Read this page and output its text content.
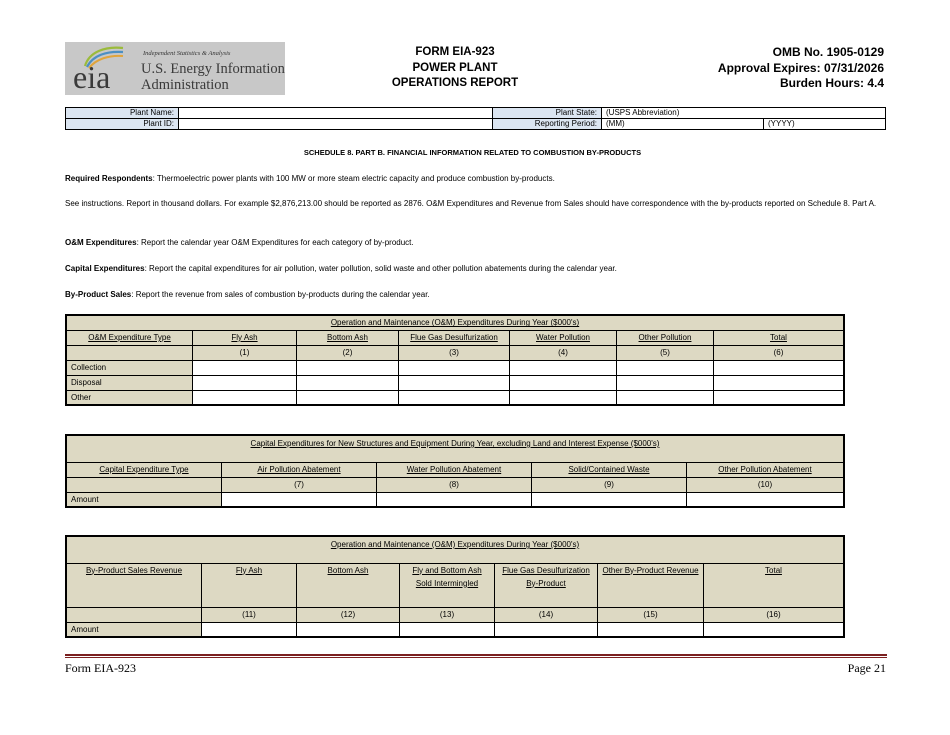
eia
Independent Statistics & Analysis
U.S. Energy Information
Administration
FORM EIA-923
POWER PLANT
OPERATIONS REPORT
OMB No. 1905-0129
Approval Expires: 07/31/2026
Burden Hours: 4.4
Plant Name:		Plant State:	(USPS Abbreviation)	
Plant ID:		Reporting Period:	(MM)	(YYYY)
SCHEDULE 8. PART B. FINANCIAL INFORMATION RELATED TO COMBUSTION BY-PRODUCTS
Required Respondents: Thermoelectric power plants with 100 MW or more steam electric capacity and produce combustion by-products.
See instructions. Report in thousand dollars. For example $2,876,213.00 should be reported as 2876. O&M Expenditures and Revenue from Sales should have correspondence with the by-products reported on Schedule 8. Part A.
O&M Expenditures: Report the calendar year O&M Expenditures for each category of by-product.
Capital Expenditures: Report the capital expenditures for air pollution, water pollution, solid waste and other pollution abatements during the calendar year.
By-Product Sales: Report the revenue from sales of combustion by-products during the calendar year.
Operation and Maintenance (O&M) Expenditures During Year ($000's)						
O&M Expenditure Type	Fly Ash	Bottom Ash	Flue Gas Desulfurization	Water Pollution	Other Pollution	Total
	(1)	(2)	(3)	(4)	(5)	(6)
Collection						
Disposal						
Other						
Capital Expenditures for New Structures and Equipment During Year, excluding Land and Interest Expense ($000's)				
Capital Expenditure Type	Air Pollution Abatement	Water Pollution Abatement	Solid/Contained Waste	Other Pollution Abatement
	(7)	(8)	(9)	(10)
Amount				
Operation and Maintenance (O&M) Expenditures During Year ($000's)						
By-Product Sales Revenue	Fly Ash	Bottom Ash	Fly and Bottom Ash Sold Intermingled	Flue Gas Desulfurization By-Product	Other By-Product Revenue	Total
	(11)	(12)	(13)	(14)	(15)	(16)
Amount						
Form EIA-923	Page 21
